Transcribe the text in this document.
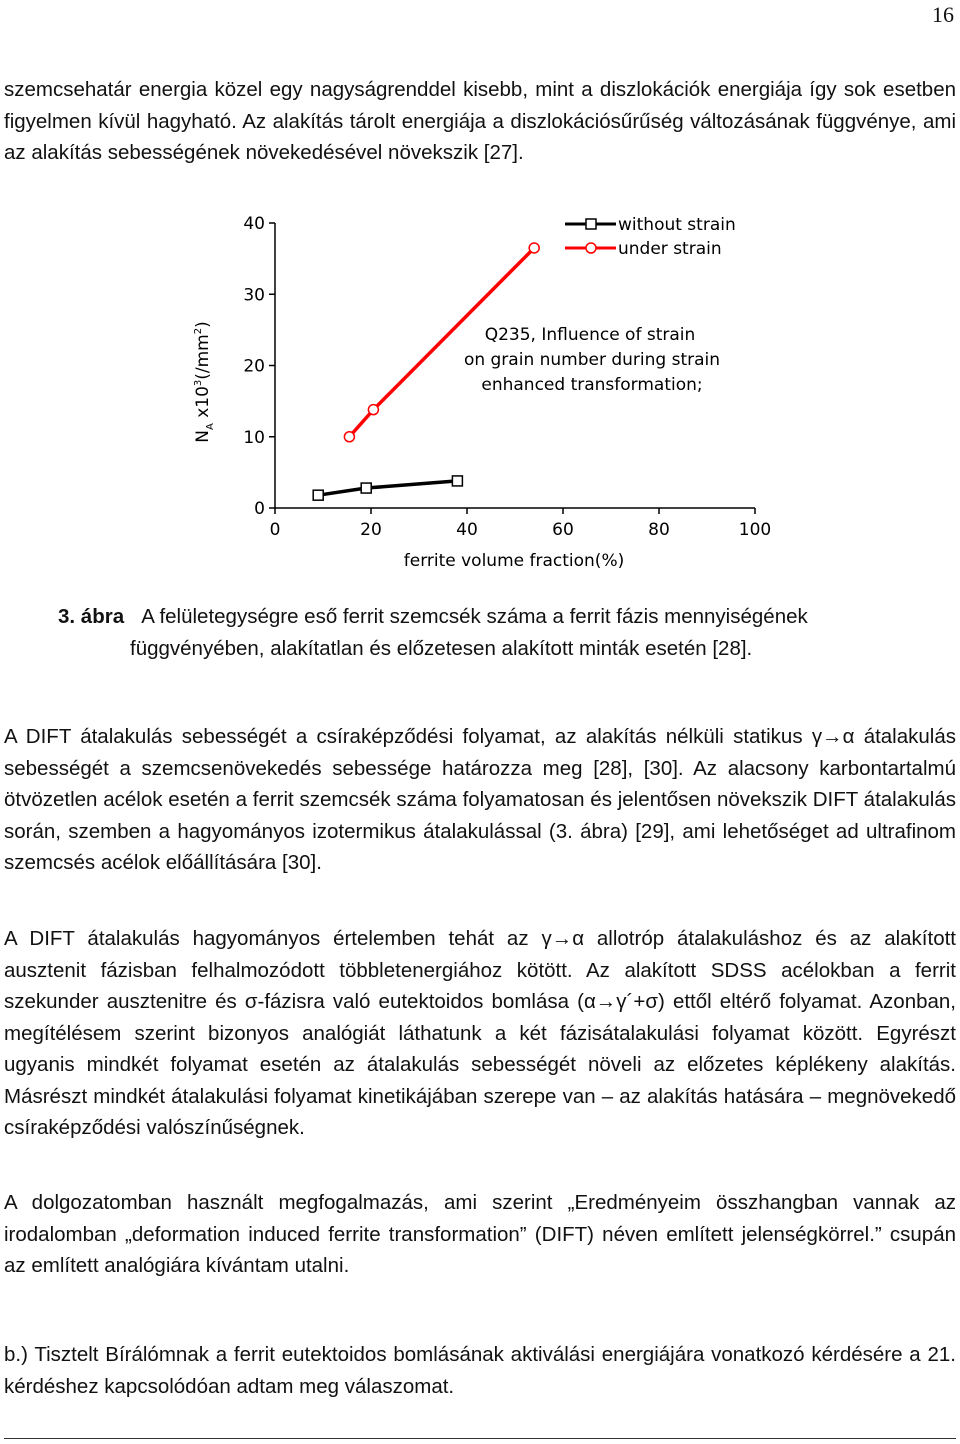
16

szemcsehatár energia közel egy nagyságrenddel kisebb, mint a diszlokációk energiája így sok esetben figyelmen kívül hagyható. Az alakítás tárolt energiája a diszlokációsűrűség változásának függvénye, ami az alakítás sebességének növekedésével növekszik [27].

0	20	40	60	80	100
0
10
20
30
40	without strain
under strain
Q235, Influence of strain
on grain number during strain
enhanced transformation;
ferrite volume fraction(%)
$N_A$ $x10^3(/mm^2)$

3. ábra A felületegységre eső ferrit szemcsék száma a ferrit fázis mennyiségének
függvényében, alakítatlan és előzetesen alakított minták esetén [28].

A DIFT átalakulás sebességét a csíraképződési folyamat, az alakítás nélküli statikus γ→α átalakulás sebességét a szemcsenövekedés sebessége határozza meg [28], [30]. Az alacsony karbontartalmú ötvözetlen acélok esetén a ferrit szemcsék száma folyamatosan és jelentősen növekszik DIFT átalakulás során, szemben a hagyományos izotermikus átalakulással (3. ábra) [29], ami lehetőséget ad ultrafinom szemcsés acélok előállítására [30].

A DIFT átalakulás hagyományos értelemben tehát az γ→α allotróp átalakuláshoz és az alakított ausztenit fázisban felhalmozódott többletenergiához kötött. Az alakított SDSS acélokban a ferrit szekunder ausztenitre és σ-fázisra való eutektoidos bomlása (α→γ´+σ) ettől eltérő folyamat. Azonban, megítélésem szerint bizonyos analógiát láthatunk a két fázisátalakulási folyamat között. Egyrészt ugyanis mindkét folyamat esetén az átalakulás sebességét növeli az előzetes képlékeny alakítás. Másrészt mindkét átalakulási folyamat kinetikájában szerepe van – az alakítás hatására – megnövekedő csíraképződési valószínűségnek.

A dolgozatomban használt megfogalmazás, ami szerint „Eredményeim összhangban vannak az irodalomban „deformation induced ferrite transformation” (DIFT) néven említett jelenségkörrel.” csupán az említett analógiára kívántam utalni.

b.) Tisztelt Bírálómnak a ferrit eutektoidos bomlásának aktiválási energiájára vonatkozó kérdésére a 21. kérdéshez kapcsolódóan adtam meg válaszomat.
